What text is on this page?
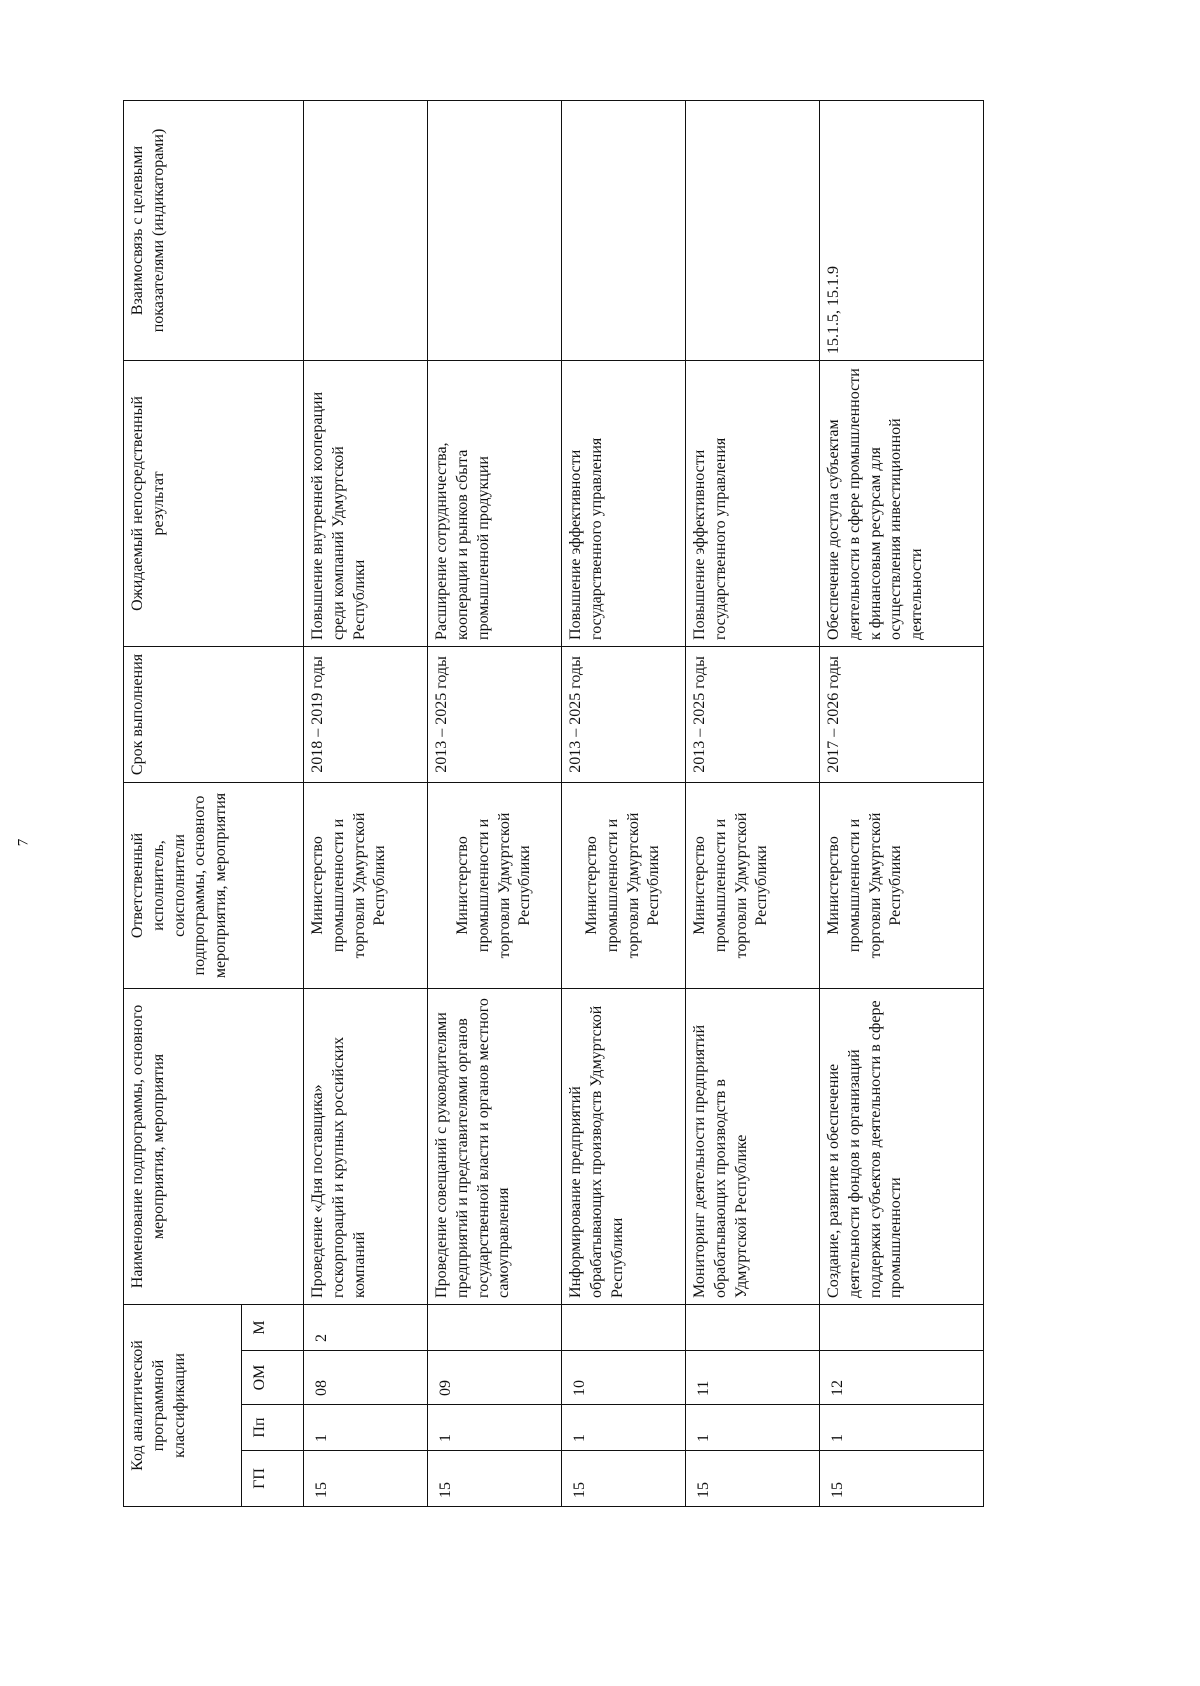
7
Код аналитической программной классификации				Наименование подпрограммы, основного мероприятия, мероприятия	Ответственный исполнитель, соисполнители подпрограммы, основного мероприятия, мероприятия	Срок выполнения	Ожидаемый непосредственный результат	Взаимосвязь с целевыми показателями (индикаторами)
ГП	Пп	ОМ	М					
15	1	08	2	Проведение «Дня поставщика» госкорпораций и крупных российских компаний	Министерство промышленности и торговли Удмуртской Республики	2018 – 2019 годы	Повышение внутренней кооперации среди компаний Удмуртской Республики	
15	1	09		Проведение совещаний с руководителями предприятий и представителями органов государственной власти и органов местного самоуправления	Министерство промышленности и торговли Удмуртской Республики	2013 – 2025 годы	Расширение сотрудничества, кооперации и рынков сбыта промышленной продукции	
15	1	10		Информирование предприятий обрабатывающих производств Удмуртской Республики	Министерство промышленности и торговли Удмуртской Республики	2013 – 2025 годы	Повышение эффективности государственного управления	
15	1	11		Мониторинг деятельности предприятий обрабатывающих производств в Удмуртской Республике	Министерство промышленности и торговли Удмуртской Республики	2013 – 2025 годы	Повышение эффективности государственного управления	
15	1	12		Создание, развитие и обеспечение деятельности фондов и организаций поддержки субъектов деятельности в сфере промышленности	Министерство промышленности и торговли Удмуртской Республики	2017 – 2026 годы	Обеспечение доступа субъектам деятельности в сфере промышленности к финансовым ресурсам для осуществления инвестиционной деятельности	15.1.5, 15.1.9
